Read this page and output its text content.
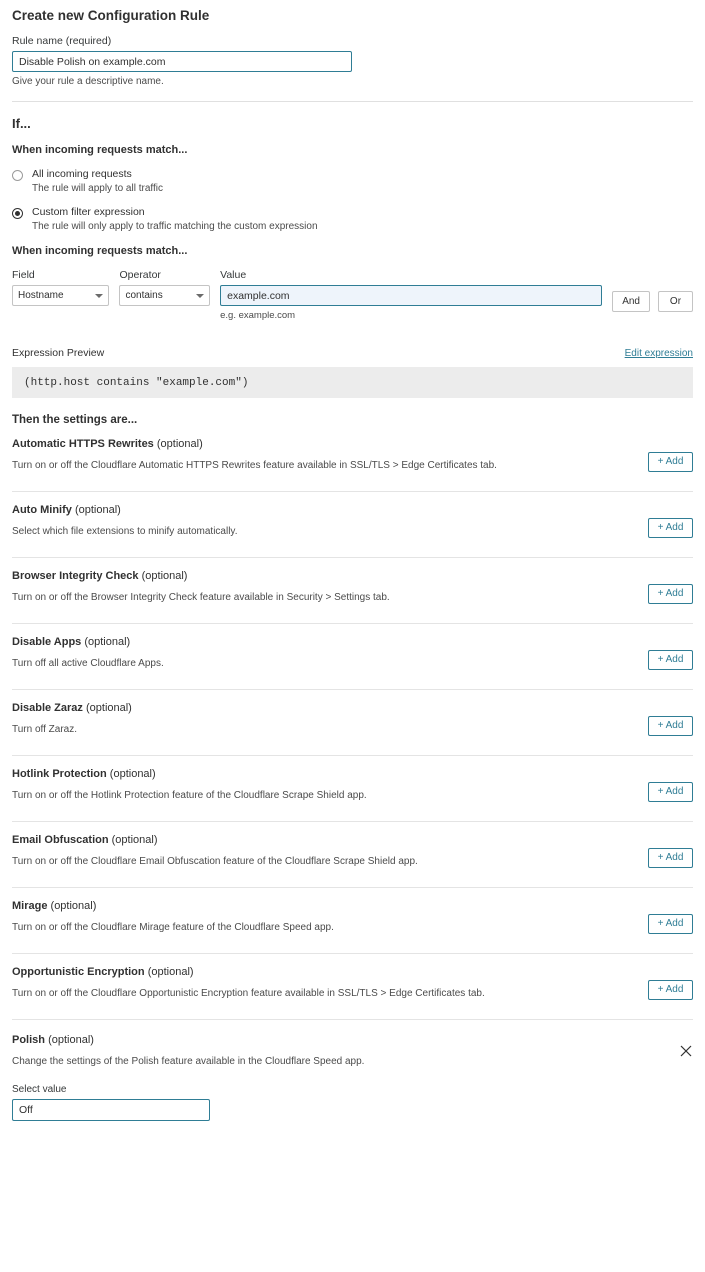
Create new Configuration Rule
Rule name (required)
Disable Polish on example.com
Give your rule a descriptive name.
If...
When incoming requests match...
All incoming requests
The rule will apply to all traffic
Custom filter expression
The rule will only apply to traffic matching the custom expression
When incoming requests match...
Field
Hostname
Operator
contains
Value
example.com
e.g. example.com
And	Or
Expression Preview	Edit expression
(http.host contains "example.com")
Then the settings are...
Automatic HTTPS Rewrites (optional)
Turn on or off the Cloudflare Automatic HTTPS Rewrites feature available in SSL/TLS > Edge Certificates tab.	+ Add
Auto Minify (optional)
Select which file extensions to minify automatically.	+ Add
Browser Integrity Check (optional)
Turn on or off the Browser Integrity Check feature available in Security > Settings tab.	+ Add
Disable Apps (optional)
Turn off all active Cloudflare Apps.	+ Add
Disable Zaraz (optional)
Turn off Zaraz.	+ Add
Hotlink Protection (optional)
Turn on or off the Hotlink Protection feature of the Cloudflare Scrape Shield app.	+ Add
Email Obfuscation (optional)
Turn on or off the Cloudflare Email Obfuscation feature of the Cloudflare Scrape Shield app.	+ Add
Mirage (optional)
Turn on or off the Cloudflare Mirage feature of the Cloudflare Speed app.	+ Add
Opportunistic Encryption (optional)
Turn on or off the Cloudflare Opportunistic Encryption feature available in SSL/TLS > Edge Certificates tab.	+ Add
Polish (optional)
Change the settings of the Polish feature available in the Cloudflare Speed app.
Select value
Off
